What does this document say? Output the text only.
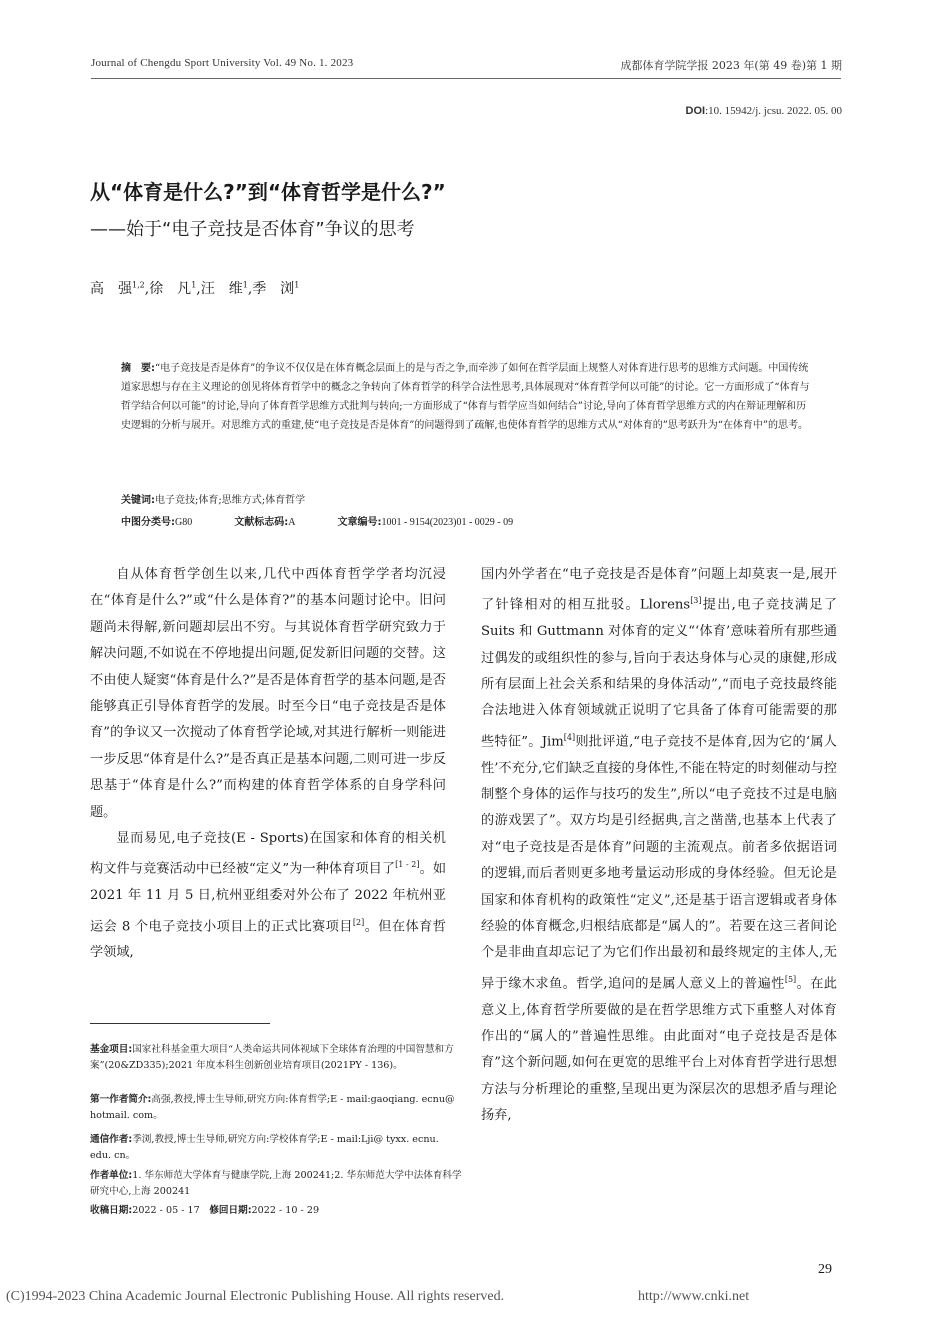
Journal of Chengdu Sport University Vol. 49 No. 1. 2023	成都体育学院学报 2023 年(第 49 卷)第 1 期
DOI:10. 15942/j. jcsu. 2022. 05. 00
从“体育是什么?”到“体育哲学是什么?”
——始于“电子竞技是否体育”争议的思考
高　强$^{1,2}$,徐　凡$^1$,汪　维$^1$,季　浏$^1$
摘　要:“电子竞技是否是体育”的争议不仅仅是在体育概念层面上的是与否之争,而牵涉了如何在哲学层面上规整人对体育进行思考的思维方式问题。中国传统道家思想与存在主义理论的创见将体育哲学中的概念之争转向了体育哲学的科学合法性思考,具体展现对“体育哲学何以可能”的讨论。它一方面形成了“体育与哲学结合何以可能”的讨论,导向了体育哲学思维方式批判与转向;一方面形成了“体育与哲学应当如何结合”讨论,导向了体育哲学思维方式的内在辩证理解和历史逻辑的分析与展开。对思维方式的重建,使“电子竞技是否是体育”的问题得到了疏解,也使体育哲学的思维方式从“对体育的”思考跃升为“在体育中”的思考。
关键词:电子竞技;体育;思维方式;体育哲学
中图分类号:G80	文献标志码:A	文章编号:1001 - 9154(2023)01 - 0029 - 09

自从体育哲学创生以来,几代中西体育哲学学者均沉浸在“体育是什么?”或“什么是体育?”的基本问题讨论中。旧问题尚未得解,新问题却层出不穷。与其说体育哲学研究致力于解决问题,不如说在不停地提出问题,促发新旧问题的交替。这不由使人疑窦“体育是什么?”是否是体育哲学的基本问题,是否能够真正引导体育哲学的发展。时至今日“电子竞技是否是体育”的争议又一次搅动了体育哲学论域,对其进行解析一则能进一步反思“体育是什么?”是否真正是基本问题,二则可进一步反思基于“体育是什么?”而构建的体育哲学体系的自身学科问题。

显而易见,电子竞技(E - Sports)在国家和体育的相关机构文件与竞赛活动中已经被“定义”为一种体育项目了[1 - 2]。如 2021 年 11 月 5 日,杭州亚组委对外公布了 2022 年杭州亚运会 8 个电子竞技小项目上的正式比赛项目[2]。但在体育哲学领域,

国内外学者在“电子竞技是否是体育”问题上却莫衷一是,展开了针锋相对的相互批驳。Llorens[3]提出,电子竞技满足了 Suits 和 Guttmann 对体育的定义“‘体育’意味着所有那些通过偶发的或组织性的参与,旨向于表达身体与心灵的康健,形成所有层面上社会关系和结果的身体活动”,“而电子竞技最终能合法地进入体育领域就正说明了它具备了体育可能需要的那些特征”。Jim[4]则批评道,“电子竞技不是体育,因为它的‘属人性’不充分,它们缺乏直接的身体性,不能在特定的时刻催动与控制整个身体的运作与技巧的发生”,所以“电子竞技不过是电脑的游戏罢了”。双方均是引经据典,言之凿凿,也基本上代表了对“电子竞技是否是体育”问题的主流观点。前者多依据语词的逻辑,而后者则更多地考量运动形成的身体经验。但无论是国家和体育机构的政策性“定义”,还是基于语言逻辑或者身体经验的体育概念,归根结底都是“属人的”。若要在这三者间论个是非曲直却忘记了为它们作出最初和最终规定的主体人,无异于缘木求鱼。哲学,追问的是属人意义上的普遍性[5]。在此意义上,体育哲学所要做的是在哲学思维方式下重整人对体育作出的“属人的”普遍性思维。由此面对“电子竞技是否是体育”这个新问题,如何在更宽的思维平台上对体育哲学进行思想方法与分析理论的重整,呈现出更为深层次的思想矛盾与理论扬弃,

基金项目:国家社科基金重大项目“人类命运共同体视域下全球体育治理的中国智慧和方案”(20&ZD335);2021 年度本科生创新创业培育项目(2021PY - 136)。
第一作者简介:高强,教授,博士生导师,研究方向:体育哲学;E - mail:gaoqiang. ecnu@ hotmail. com。
通信作者:季浏,教授,博士生导师,研究方向:学校体育学;E - mail:Lji@ tyxx. ecnu. edu. cn。
作者单位:1. 华东师范大学体育与健康学院,上海 200241;2. 华东师范大学中法体育科学研究中心,上海 200241
收稿日期:2022 - 05 - 17　修回日期:2022 - 10 - 29
29
(C)1994-2023 China Academic Journal Electronic Publishing House. All rights reserved.	http://www.cnki.net
